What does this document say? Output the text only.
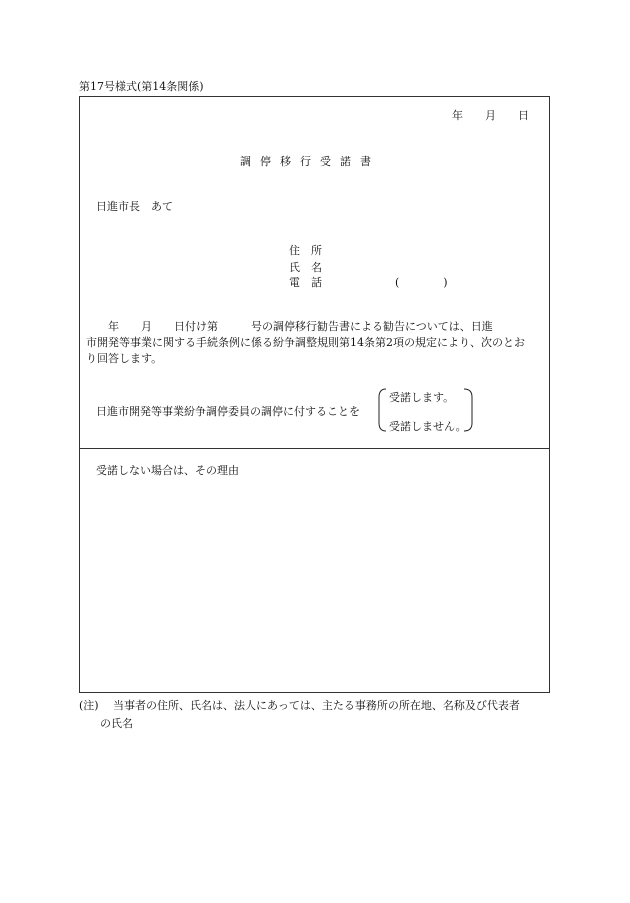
第17号様式(第14条関係)
年　　月　　日
調停移行受諾書
日進市長　あて
住　所
氏　名
電　話	(　　　　)
　　年　　月　　日付け第　　　号の調停移行勧告書による勧告については、日進
市開発等事業に関する手続条例に係る紛争調整規則第14条第2項の規定により、次のとお
り回答します。
日進市開発等事業紛争調停委員の調停に付することを
受諾します。
受諾しません。
受諾しない場合は、その理由
(注) 当事者の住所、氏名は、法人にあっては、主たる事務所の所在地、名称及び代表者
の氏名
